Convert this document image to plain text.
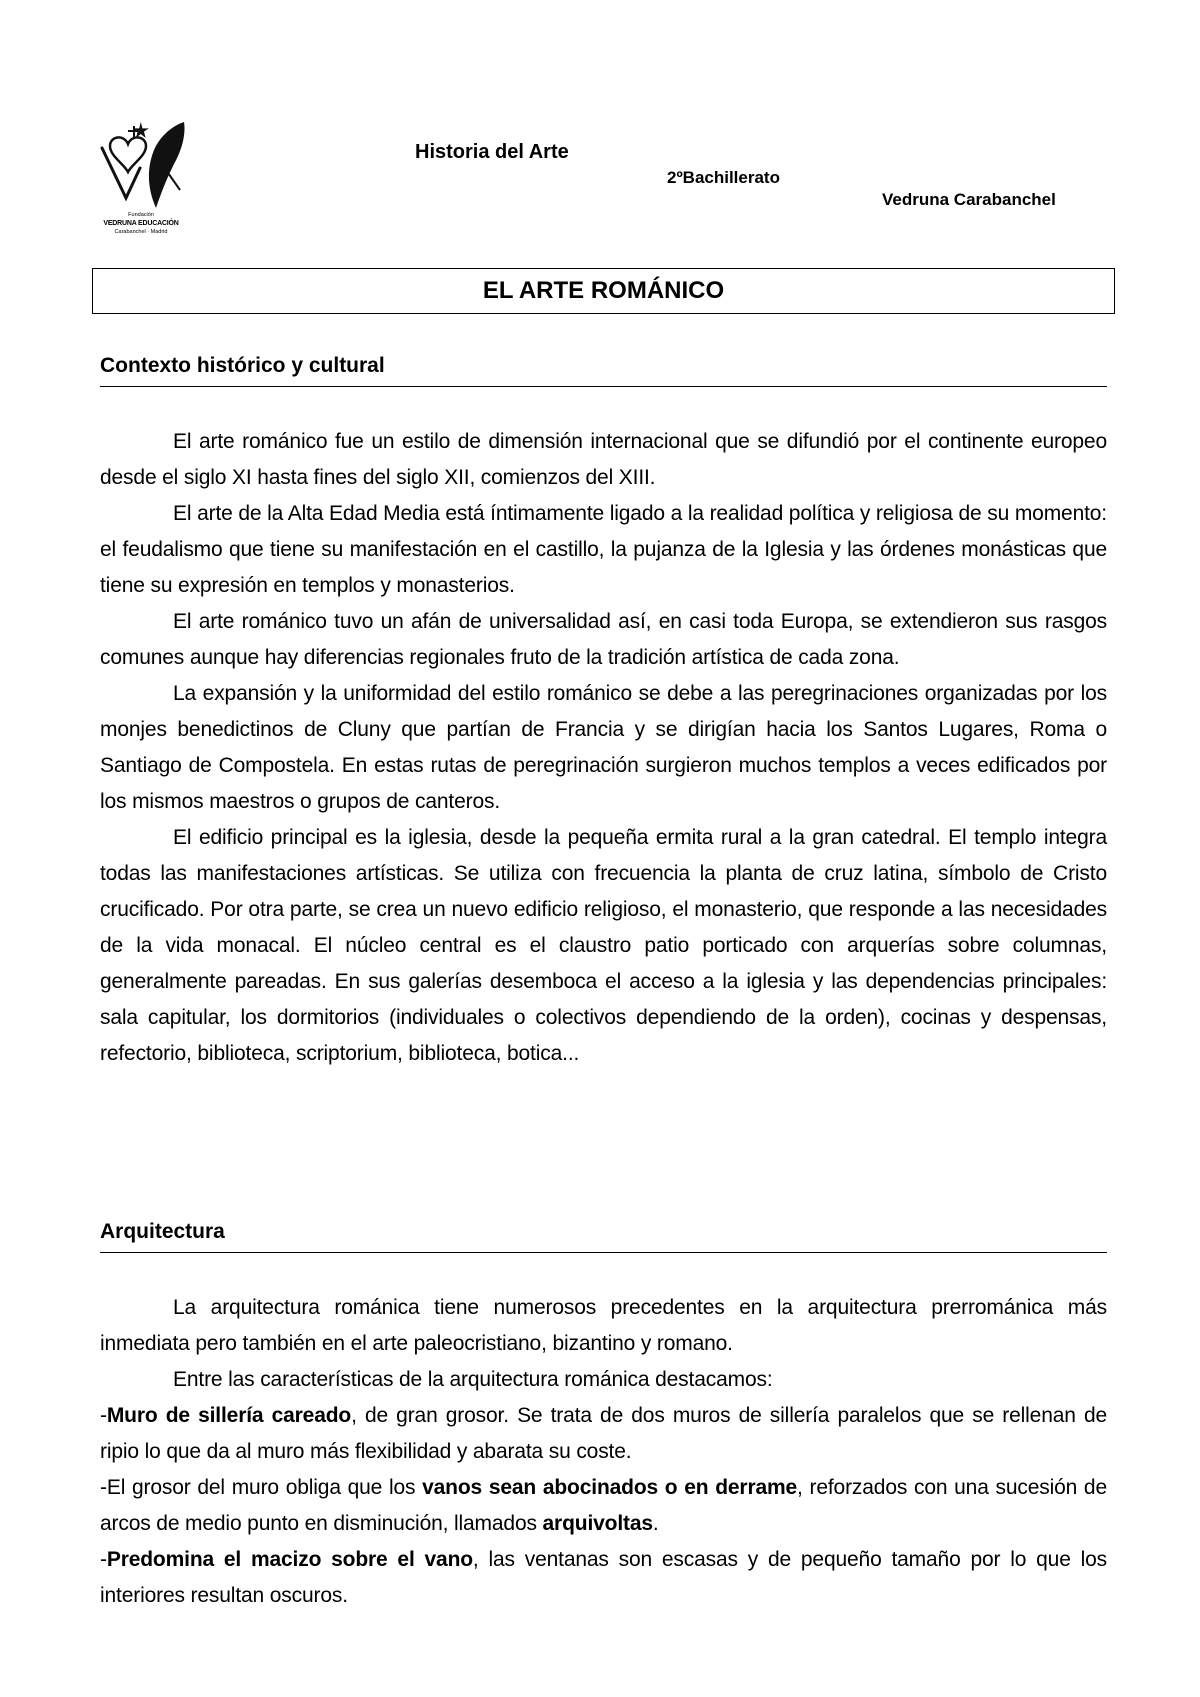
Fundación
VEDRUNA EDUCACIÓN
Carabanchel · Madrid
Historia del Arte
2ºBachillerato
Vedruna Carabanchel
EL ARTE ROMÁNICO
Contexto histórico y cultural

El arte románico fue un estilo de dimensión internacional que se difundió por el continente europeo desde el siglo XI hasta fines del siglo XII, comienzos del XIII.

El arte de la Alta Edad Media está íntimamente ligado a la realidad política y religiosa de su momento: el feudalismo que tiene su manifestación en el castillo, la pujanza de la Iglesia y las órdenes monásticas que tiene su expresión en templos y monasterios.

El arte románico tuvo un afán de universalidad así, en casi toda Europa, se extendieron sus rasgos comunes aunque hay diferencias regionales fruto de la tradición artística de cada zona.

La expansión y la uniformidad del estilo románico se debe a las peregrinaciones organizadas por los monjes benedictinos de Cluny que partían de Francia y se dirigían hacia los Santos Lugares, Roma o Santiago de Compostela. En estas rutas de peregrinación surgieron muchos templos a veces edificados por los mismos maestros o grupos de canteros.

El edificio principal es la iglesia, desde la pequeña ermita rural a la gran catedral. El templo integra todas las manifestaciones artísticas. Se utiliza con frecuencia la planta de cruz latina, símbolo de Cristo crucificado. Por otra parte, se crea un nuevo edificio religioso, el monasterio, que responde a las necesidades de la vida monacal. El núcleo central es el claustro patio porticado con arquerías sobre columnas, generalmente pareadas. En sus galerías desemboca el acceso a la iglesia y las dependencias principales: sala capitular, los dormitorios (individuales o colectivos dependiendo de la orden), cocinas y despensas, refectorio, biblioteca, scriptorium, biblioteca, botica...

Arquitectura

La arquitectura románica tiene numerosos precedentes en la arquitectura prerrománica más inmediata pero también en el arte paleocristiano, bizantino y romano.

Entre las características de la arquitectura románica destacamos:

-Muro de sillería careado, de gran grosor. Se trata de dos muros de sillería paralelos que se rellenan de ripio lo que da al muro más flexibilidad y abarata su coste.

-El grosor del muro obliga que los vanos sean abocinados o en derrame, reforzados con una sucesión de arcos de medio punto en disminución, llamados arquivoltas.

-Predomina el macizo sobre el vano, las ventanas son escasas y de pequeño tamaño por lo que los interiores resultan oscuros.
